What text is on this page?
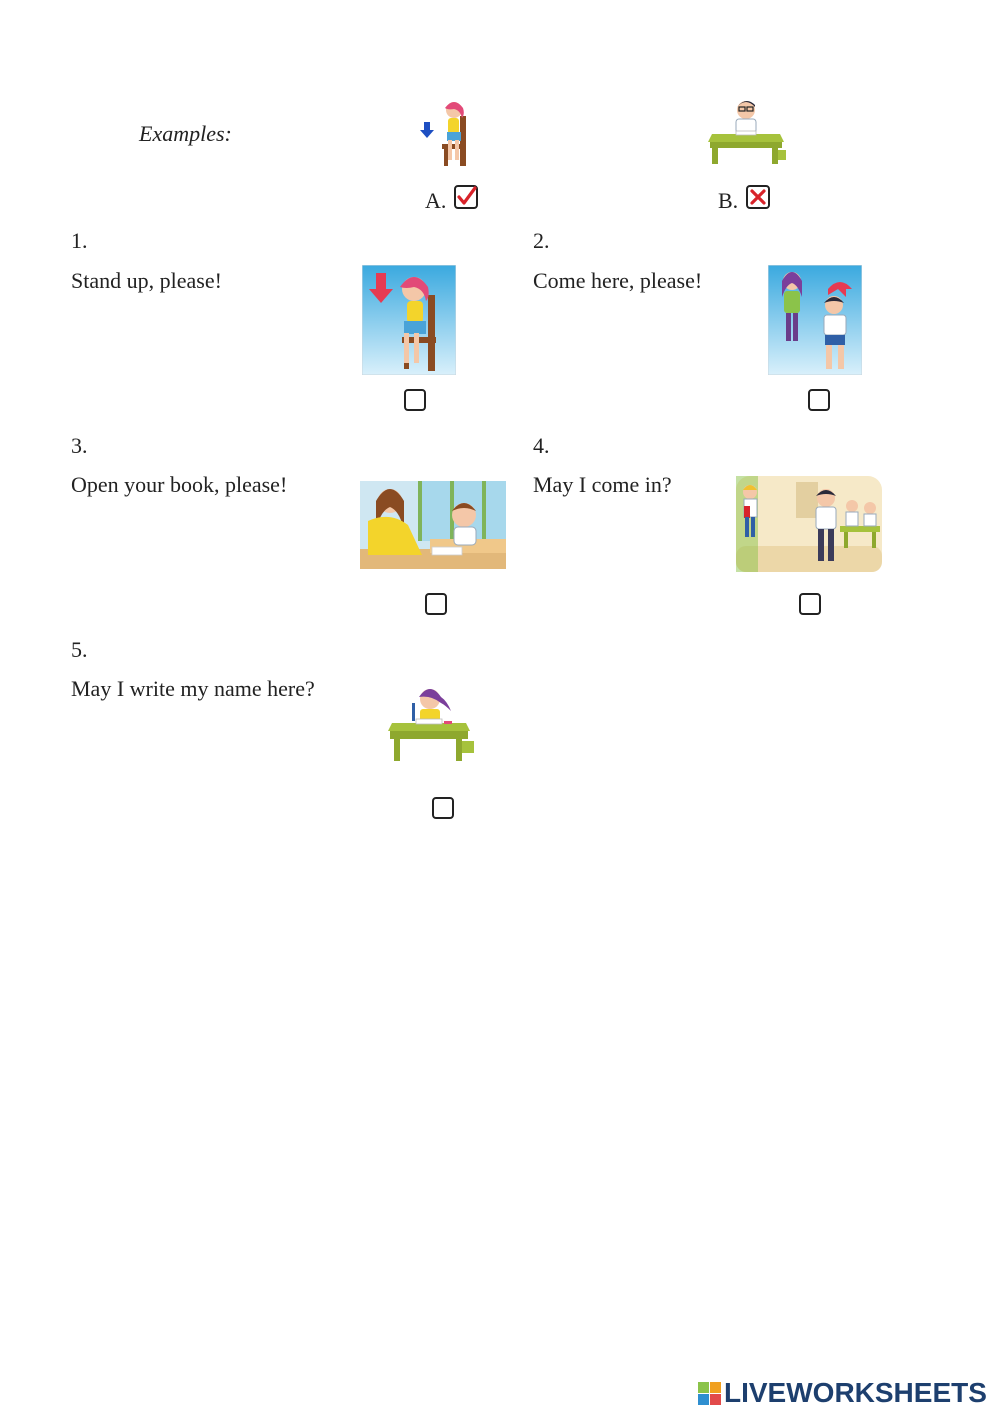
Examples:
A.	B.
1.
Stand up, please!
2.
Come here, please!
3.
Open your book, please!
4.
May I come in?
5.
May I write my name here?
LIVEWORKSHEETS
